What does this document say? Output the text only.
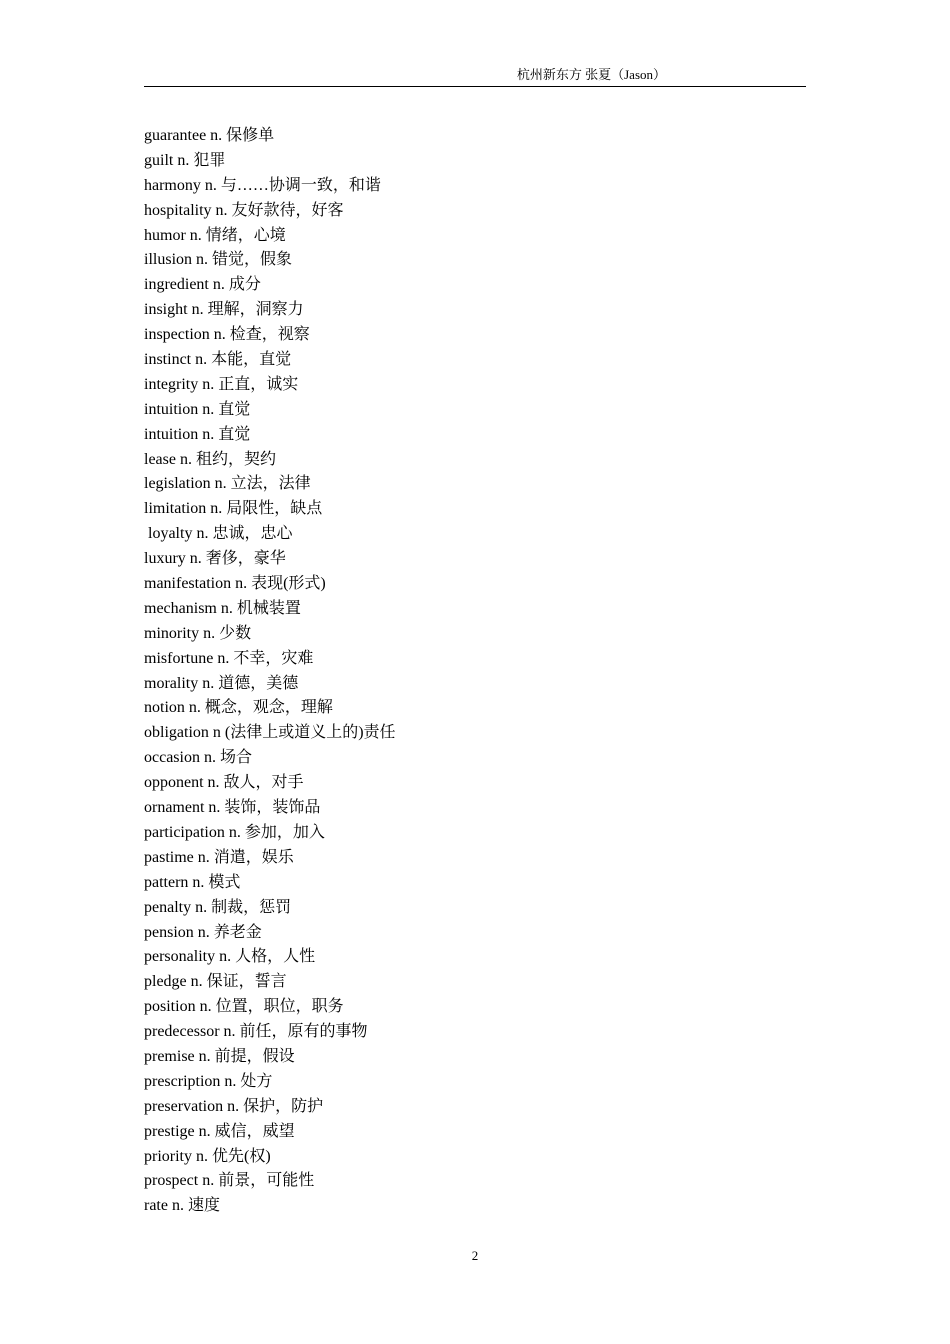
杭州新东方 张夏（Jason）
guarantee n. 保修单
guilt n. 犯罪
harmony n. 与……协调一致，和谐
hospitality n. 友好款待，好客
humor n. 情绪，心境
illusion n. 错觉，假象
ingredient n. 成分
insight n. 理解，洞察力
inspection n. 检查，视察
instinct n. 本能，直觉
integrity n. 正直，诚实
intuition n. 直觉
intuition n. 直觉
lease n. 租约，契约
legislation n. 立法，法律
limitation n. 局限性，缺点
loyalty n. 忠诚，忠心
luxury n. 奢侈，豪华
manifestation n. 表现(形式)
mechanism n. 机械装置
minority n. 少数
misfortune n. 不幸，灾难
morality n. 道德，美德
notion n. 概念，观念，理解
obligation n (法律上或道义上的)责任
occasion n. 场合
opponent n. 敌人，对手
ornament n. 装饰，装饰品
participation n. 参加，加入
pastime n. 消遣，娱乐
pattern n. 模式
penalty n. 制裁，惩罚
pension n. 养老金
personality n. 人格，人性
pledge n. 保证，誓言
position n. 位置，职位，职务
predecessor n. 前任，原有的事物
premise n. 前提，假设
prescription n. 处方
preservation n. 保护，防护
prestige n. 威信，威望
priority n. 优先(权)
prospect n. 前景，可能性
rate n. 速度
2
